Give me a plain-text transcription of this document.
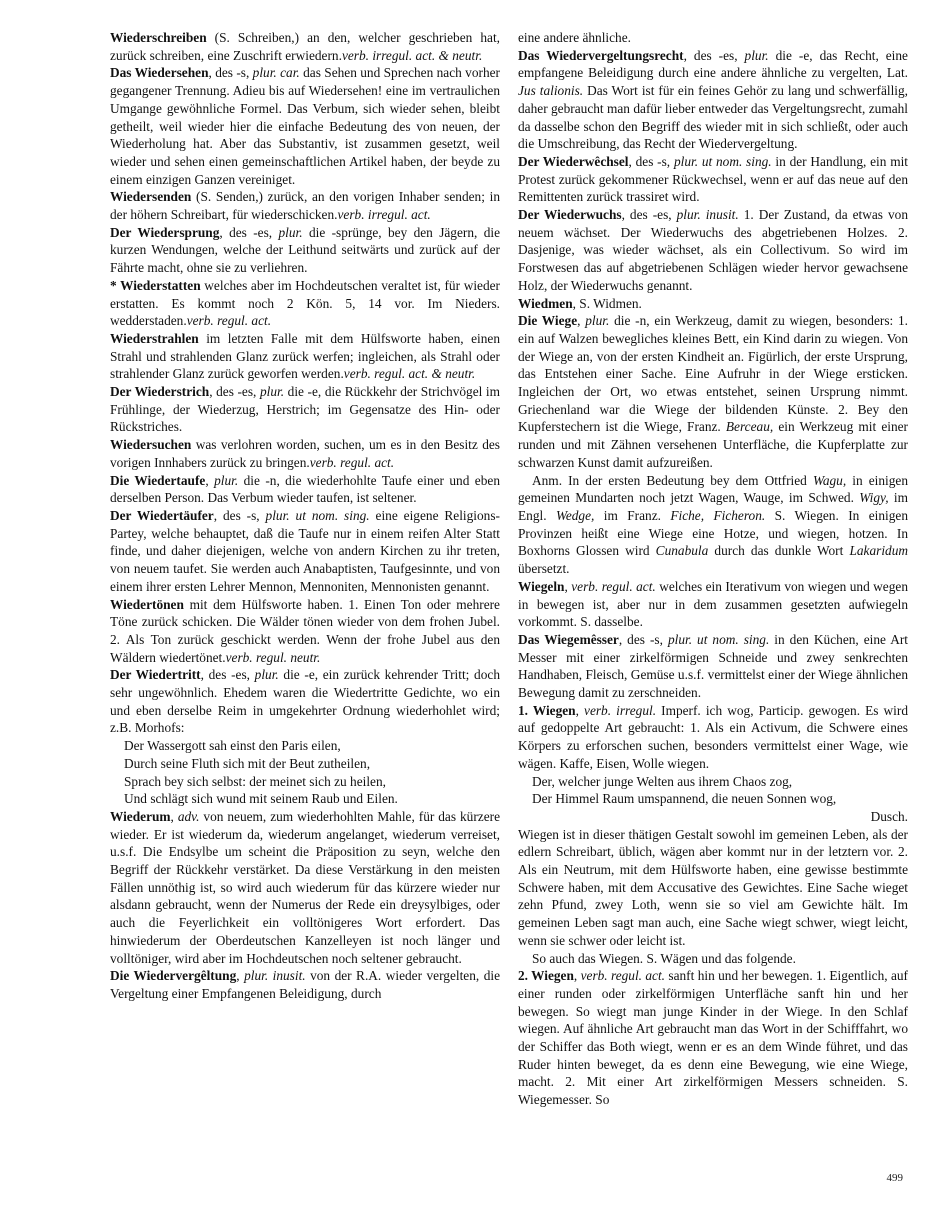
Wiederschreiben (S. Schreiben,) an den, welcher geschrieben hat, zurück schreiben, eine Zuschrift erwiedern.verb. irregul. act. & neutr.

Das Wiedersehen, des -s, plur. car. das Sehen und Sprechen nach vorher gegangener Trennung. Adieu bis auf Wiedersehen! eine im vertraulichen Umgange gewöhnliche Formel. Das Verbum, sich wieder sehen, bleibt getheilt, weil wieder hier die einfache Bedeutung des von neuen, der Wiederholung hat. Aber das Substantiv, ist zusammen gesetzt, weil wieder und sehen einen gemeinschaftlichen Artikel haben, der beyde zu einem einzigen Ganzen vereiniget.

Wiedersenden (S. Senden,) zurück, an den vorigen Inhaber senden; in der höhern Schreibart, für wiederschicken.verb. irregul. act.

Der Wiedersprung, des -es, plur. die -sprünge, bey den Jägern, die kurzen Wendungen, welche der Leithund seitwärts und zurück auf der Fährte macht, ohne sie zu verliehren.

* Wiederstatten welches aber im Hochdeutschen veraltet ist, für wieder erstatten. Es kommt noch 2 Kön. 5, 14 vor. Im Nieders. wedderstaden.verb. regul. act.

Wiederstrahlen im letzten Falle mit dem Hülfsworte haben, einen Strahl und strahlenden Glanz zurück werfen; ingleichen, als Strahl oder strahlender Glanz zurück geworfen werden.verb. regul. act. & neutr.

Der Wiederstrich, des -es, plur. die -e, die Rückkehr der Strichvögel im Frühlinge, der Wiederzug, Herstrich; im Gegensatze des Hin- oder Rückstriches.

Wiedersuchen was verlohren worden, suchen, um es in den Besitz des vorigen Innhabers zurück zu bringen.verb. regul. act.

Die Wiedertaufe, plur. die -n, die wiederhohlte Taufe einer und eben derselben Person. Das Verbum wieder taufen, ist seltener.

Der Wiedertäufer, des -s, plur. ut nom. sing. eine eigene Religions-Partey, welche behauptet, daß die Taufe nur in einem reifen Alter Statt finde, und daher diejenigen, welche von andern Kirchen zu ihr treten, von neuem taufet. Sie werden auch Anabaptisten, Taufgesinnte, und von einem ihrer ersten Lehrer Mennon, Mennoniten, Mennonisten genannt.

Wiedertönen mit dem Hülfsworte haben. 1. Einen Ton oder mehrere Töne zurück schicken. Die Wälder tönen wieder von dem frohen Jubel. 2. Als Ton zurück geschickt werden. Wenn der frohe Jubel aus den Wäldern wiedertönet.verb. regul. neutr.

Der Wiedertritt, des -es, plur. die -e, ein zurück kehrender Tritt; doch sehr ungewöhnlich. Ehedem waren die Wiedertritte Gedichte, wo ein und eben derselbe Reim in umgekehrter Ordnung wiederhohlet wird; z.B. Morhofs:

Der Wassergott sah einst den Paris eilen,
Durch seine Fluth sich mit der Beut zutheilen,
Sprach bey sich selbst: der meinet sich zu heilen,
Und schlägt sich wund mit seinem Raub und Eilen.

Wiederum, adv. von neuem, zum wiederhohlten Mahle, für das kürzere wieder. Er ist wiederum da, wiederum angelanget, wiederum verreiset, u.s.f. Die Endsylbe um scheint die Präposition zu seyn, welche den Begriff der Rückkehr verstärket. Da diese Verstärkung in den meisten Fällen unnöthig ist, so wird auch wiederum für das kürzere wieder nur alsdann gebraucht, wenn der Numerus der Rede ein dreysylbiges, oder auch die Feyerlichkeit ein volltönigeres Wort erfordert. Das hinwiederum der Oberdeutschen Kanzelleyen ist noch länger und volltöniger, wird aber im Hochdeutschen noch seltener gebraucht.

Die Wiedervergêltung, plur. inusit. von der R.A. wieder vergelten, die Vergeltung einer Empfangenen Beleidigung, durch

eine andere ähnliche.

Das Wiedervergeltungsrecht, des -es, plur. die -e, das Recht, eine empfangene Beleidigung durch eine andere ähnliche zu vergelten, Lat. Jus talionis. Das Wort ist für ein feines Gehör zu lang und schwerfällig, daher gebraucht man dafür lieber entweder das Vergeltungsrecht, zumahl da dasselbe schon den Begriff des wieder mit in sich schließt, oder auch die Umschreibung, das Recht der Wiedervergeltung.

Der Wiederwêchsel, des -s, plur. ut nom. sing. in der Handlung, ein mit Protest zurück gekommener Rückwechsel, wenn er auf das neue auf den Remittenten zurück trassiret wird.

Der Wiederwuchs, des -es, plur. inusit. 1. Der Zustand, da etwas von neuem wächset. Der Wiederwuchs des abgetriebenen Holzes. 2. Dasjenige, was wieder wächset, als ein Collectivum. So wird im Forstwesen das auf abgetriebenen Schlägen wieder hervor gewachsene Holz, der Wiederwuchs genannt.

Wiedmen, S. Widmen.

Die Wiege, plur. die -n, ein Werkzeug, damit zu wiegen, besonders: 1. ein auf Walzen bewegliches kleines Bett, ein Kind darin zu wiegen. Von der Wiege an, von der ersten Kindheit an. Figürlich, der erste Ursprung, das Entstehen einer Sache. Eine Aufruhr in der Wiege ersticken. Ingleichen der Ort, wo etwas entstehet, seinen Ursprung nimmt. Griechenland war die Wiege der bildenden Künste. 2. Bey den Kupferstechern ist die Wiege, Franz. Berceau, ein Werkzeug mit einer runden und mit Zähnen versehenen Unterfläche, die Kupferplatte zur schwarzen Kunst damit aufzureißen.

Anm. In der ersten Bedeutung bey dem Ottfried Wagu, in einigen gemeinen Mundarten noch jetzt Wagen, Wauge, im Schwed. Wigy, im Engl. Wedge, im Franz. Fiche, Ficheron. S. Wiegen. In einigen Provinzen heißt eine Wiege eine Hotze, und wiegen, hotzen. In Boxhorns Glossen wird Cunabula durch das dunkle Wort Lakaridum übersetzt.

Wiegeln, verb. regul. act. welches ein Iterativum von wiegen und wegen in bewegen ist, aber nur in dem zusammen gesetzten aufwiegeln vorkommt. S. dasselbe.

Das Wiegemêsser, des -s, plur. ut nom. sing. in den Küchen, eine Art Messer mit einer zirkelförmigen Schneide und zwey senkrechten Handhaben, Fleisch, Gemüse u.s.f. vermittelst einer der Wiege ähnlichen Bewegung damit zu zerschneiden.

1. Wiegen, verb. irregul. Imperf. ich wog, Particip. gewogen. Es wird auf gedoppelte Art gebraucht: 1. Als ein Activum, die Schwere eines Körpers zu erforschen suchen, besonders vermittelst einer Wage, wie wägen. Kaffe, Eisen, Wolle wiegen.

Der, welcher junge Welten aus ihrem Chaos zog,
Der Himmel Raum umspannend, die neuen Sonnen wog,

Dusch.

Wiegen ist in dieser thätigen Gestalt sowohl im gemeinen Leben, als der edlern Schreibart, üblich, wägen aber kommt nur in der letztern vor. 2. Als ein Neutrum, mit dem Hülfsworte haben, eine gewisse bestimmte Schwere haben, mit dem Accusative des Gewichtes. Eine Sache wieget zehn Pfund, zwey Loth, wenn sie so viel am Gewichte hält. Im gemeinen Leben sagt man auch, eine Sache wiegt schwer, wiegt leicht, wenn sie schwer oder leicht ist.

So auch das Wiegen. S. Wägen und das folgende.

2. Wiegen, verb. regul. act. sanft hin und her bewegen. 1. Eigentlich, auf einer runden oder zirkelförmigen Unterfläche sanft hin und her bewegen. So wiegt man junge Kinder in der Wiege. In den Schlaf wiegen. Auf ähnliche Art gebraucht man das Wort in der Schifffahrt, wo der Schiffer das Both wiegt, wenn er es an dem Winde führet, und das Ruder hinten beweget, da es denn eine Bewegung, wie eine Wiege, macht. 2. Mit einer Art zirkelförmigen Messers schneiden. S. Wiegemesser. So

499
